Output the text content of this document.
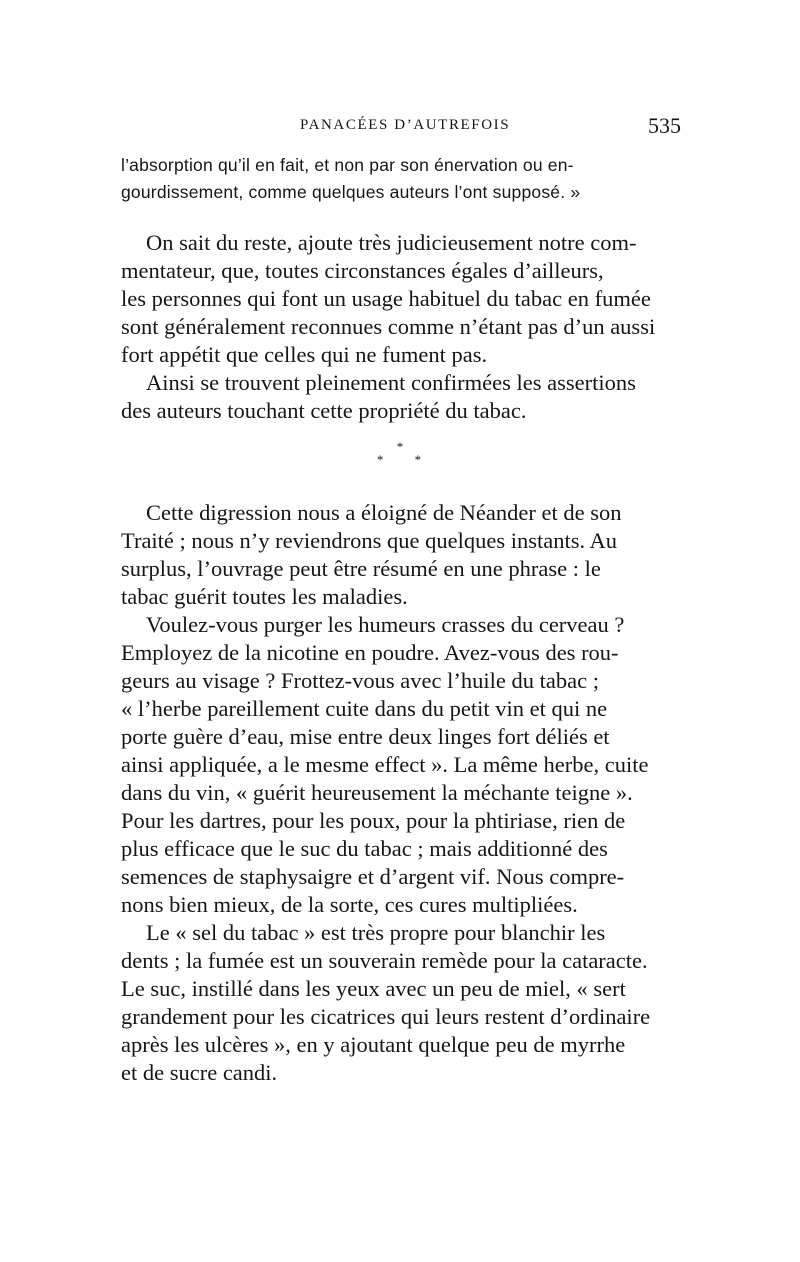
PANACÉES D’AUTREFOIS	535
l’absorption qu’il en fait, et non par son énervation ou en-
gourdissement, comme quelques auteurs l’ont supposé. »
On sait du reste, ajoute très judicieusement notre com-
mentateur, que, toutes circonstances égales d’ailleurs,
les personnes qui font un usage habituel du tabac en fumée
sont généralement reconnues comme n’étant pas d’un aussi
fort appétit que celles qui ne fument pas.
Ainsi se trouvent pleinement confirmées les assertions
des auteurs touchant cette propriété du tabac.
*
* *
Cette digression nous a éloigné de Néander et de son
Traité ; nous n’y reviendrons que quelques instants. Au
surplus, l’ouvrage peut être résumé en une phrase : le
tabac guérit toutes les maladies.
Voulez-vous purger les humeurs crasses du cerveau ?
Employez de la nicotine en poudre. Avez-vous des rou-
geurs au visage ? Frottez-vous avec l’huile du tabac ;
« l’herbe pareillement cuite dans du petit vin et qui ne
porte guère d’eau, mise entre deux linges fort déliés et
ainsi appliquée, a le mesme effect ». La même herbe, cuite
dans du vin, « guérit heureusement la méchante teigne ».
Pour les dartres, pour les poux, pour la phtiriase, rien de
plus efficace que le suc du tabac ; mais additionné des
semences de staphysaigre et d’argent vif. Nous compre-
nons bien mieux, de la sorte, ces cures multipliées.
Le « sel du tabac » est très propre pour blanchir les
dents ; la fumée est un souverain remède pour la cataracte.
Le suc, instillé dans les yeux avec un peu de miel, « sert
grandement pour les cicatrices qui leurs restent d’ordinaire
après les ulcères », en y ajoutant quelque peu de myrrhe
et de sucre candi.
